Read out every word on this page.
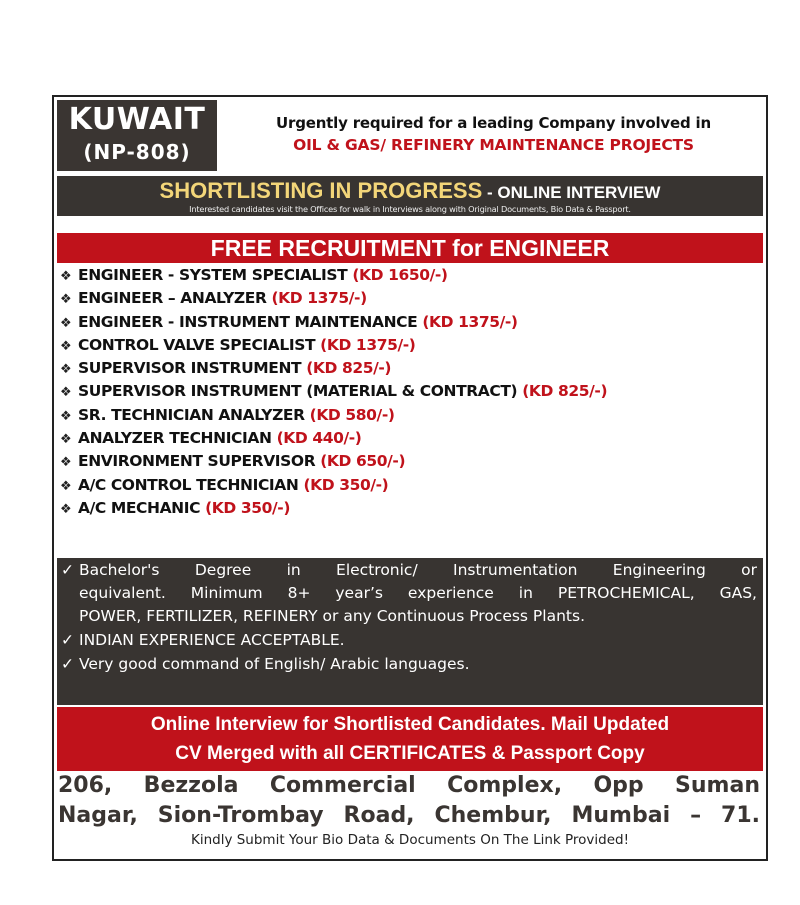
KUWAIT
(NP-808)
Urgently required for a leading Company involved in
OIL & GAS/ REFINERY MAINTENANCE PROJECTS
SHORTLISTING IN PROGRESS - ONLINE INTERVIEW
Interested candidates visit the Offices for walk in Interviews along with Original Documents, Bio Data & Passport.
FREE RECRUITMENT for ENGINEER
❖ ENGINEER - SYSTEM SPECIALIST (KD 1650/-)
❖ ENGINEER – ANALYZER (KD 1375/-)
❖ ENGINEER - INSTRUMENT MAINTENANCE (KD 1375/-)
❖ CONTROL VALVE SPECIALIST (KD 1375/-)
❖ SUPERVISOR INSTRUMENT (KD 825/-)
❖ SUPERVISOR INSTRUMENT (MATERIAL & CONTRACT) (KD 825/-)
❖ SR. TECHNICIAN ANALYZER (KD 580/-)
❖ ANALYZER TECHNICIAN (KD 440/-)
❖ ENVIRONMENT SUPERVISOR (KD 650/-)
❖ A/C CONTROL TECHNICIAN (KD 350/-)
❖ A/C MECHANIC (KD 350/-)
✓ Bachelor's Degree in Electronic/ Instrumentation Engineering or
equivalent. Minimum 8+ year’s experience in PETROCHEMICAL, GAS,
POWER, FERTILIZER, REFINERY or any Continuous Process Plants.
✓ INDIAN EXPERIENCE ACCEPTABLE.
✓ Very good command of English/ Arabic languages.
Online Interview for Shortlisted Candidates. Mail Updated
CV Merged with all CERTIFICATES & Passport Copy
206, Bezzola Commercial Complex, Opp Suman
Nagar, Sion-Trombay Road, Chembur, Mumbai – 71.
Kindly Submit Your Bio Data & Documents On The Link Provided!
